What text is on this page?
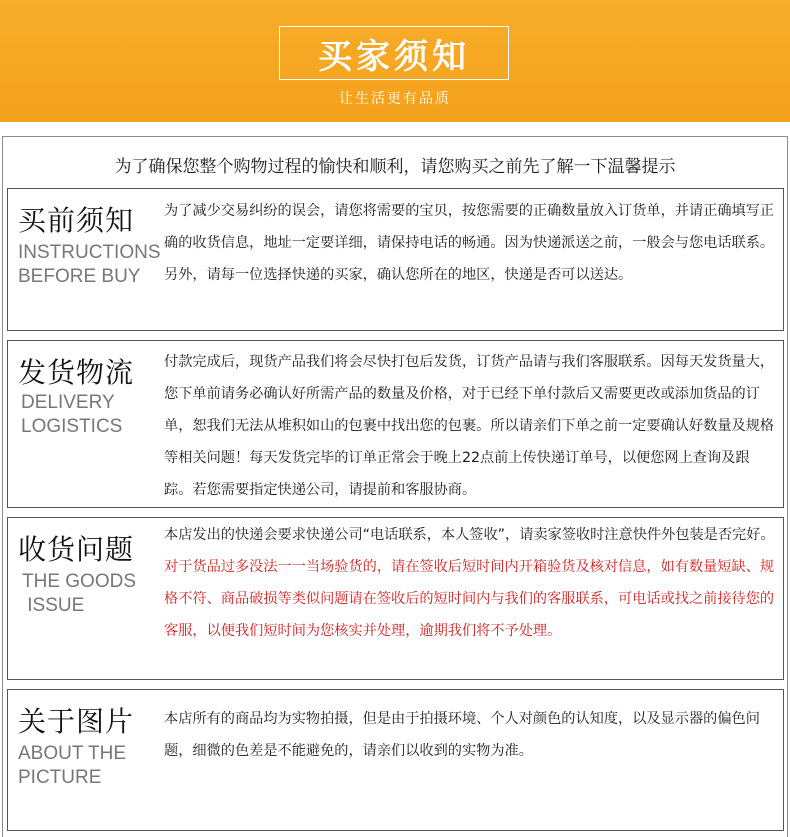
买家须知
让生活更有品质
为了确保您整个购物过程的愉快和顺利，请您购买之前先了解一下温馨提示
买前须知
INSTRUCTIONS
BEFORE BUY
为了减少交易纠纷的误会，请您将需要的宝贝，按您需要的正确数量放入订货单，并请正确填写正确的收货信息，地址一定要详细，请保持电话的畅通。因为快递派送之前，一般会与您电话联系。另外，请每一位选择快递的买家，确认您所在的地区，快递是否可以送达。
发货物流
DELIVERY
LOGISTICS
付款完成后，现货产品我们将会尽快打包后发货，订货产品请与我们客服联系。因每天发货量大，您下单前请务必确认好所需产品的数量及价格，对于已经下单付款后又需要更改或添加货品的订单，恕我们无法从堆积如山的包裹中找出您的包裹。所以请亲们下单之前一定要确认好数量及规格等相关问题！每天发货完毕的订单正常会于晚上22点前上传快递订单号，以便您网上查询及跟踪。若您需要指定快递公司，请提前和客服协商。
收货问题
THE GOODS
ISSUE
本店发出的快递会要求快递公司“电话联系，本人签收”，请卖家签收时注意快件外包装是否完好。对于货品过多没法一一当场验货的，请在签收后短时间内开箱验货及核对信息，如有数量短缺、规格不符、商品破损等类似问题请在签收后的短时间内与我们的客服联系，可电话或找之前接待您的客服，以便我们短时间为您核实并处理，逾期我们将不予处理。
关于图片
ABOUT THE
PICTURE
本店所有的商品均为实物拍摄，但是由于拍摄环境、个人对颜色的认知度，以及显示器的偏色问题，细微的色差是不能避免的，请亲们以收到的实物为准。
